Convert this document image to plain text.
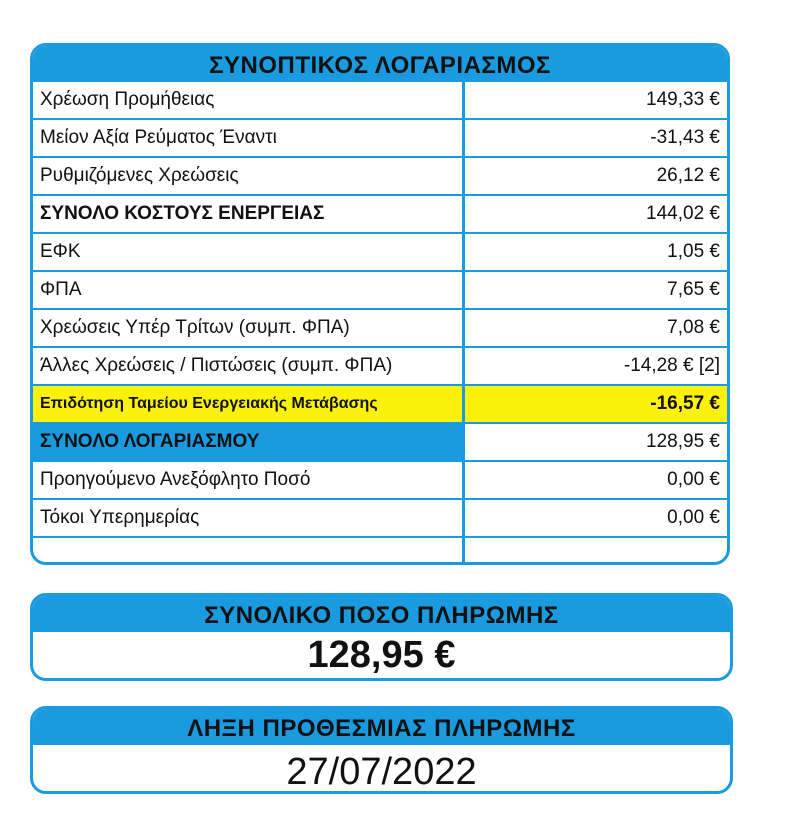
ΣΥΝΟΠΤΙΚΟΣ ΛΟΓΑΡΙΑΣΜΟΣ
Χρέωση Προμήθειας	149,33 €
Μείον Αξία Ρεύματος Έναντι	-31,43 €
Ρυθμιζόμενες Χρεώσεις	26,12 €
ΣΥΝΟΛΟ ΚΟΣΤΟΥΣ ΕΝΕΡΓΕΙΑΣ	144,02 €
ΕΦΚ	1,05 €
ΦΠΑ	7,65 €
Χρεώσεις Υπέρ Τρίτων (συμπ. ΦΠΑ)	7,08 €
Άλλες Χρεώσεις / Πιστώσεις (συμπ. ΦΠΑ)	-14,28 € [2]
Επιδότηση Ταμείου Ενεργειακής Μετάβασης	-16,57 €
ΣΥΝΟΛΟ ΛΟΓΑΡΙΑΣΜΟΥ	128,95 €
Προηγούμενο Ανεξόφλητο Ποσό	0,00 €
Τόκοι Υπερημερίας	0,00 €

ΣΥΝΟΛΙΚΟ ΠΟΣΟ ΠΛΗΡΩΜΗΣ
128,95 €
ΛΗΞΗ ΠΡΟΘΕΣΜΙΑΣ ΠΛΗΡΩΜΗΣ
27/07/2022
